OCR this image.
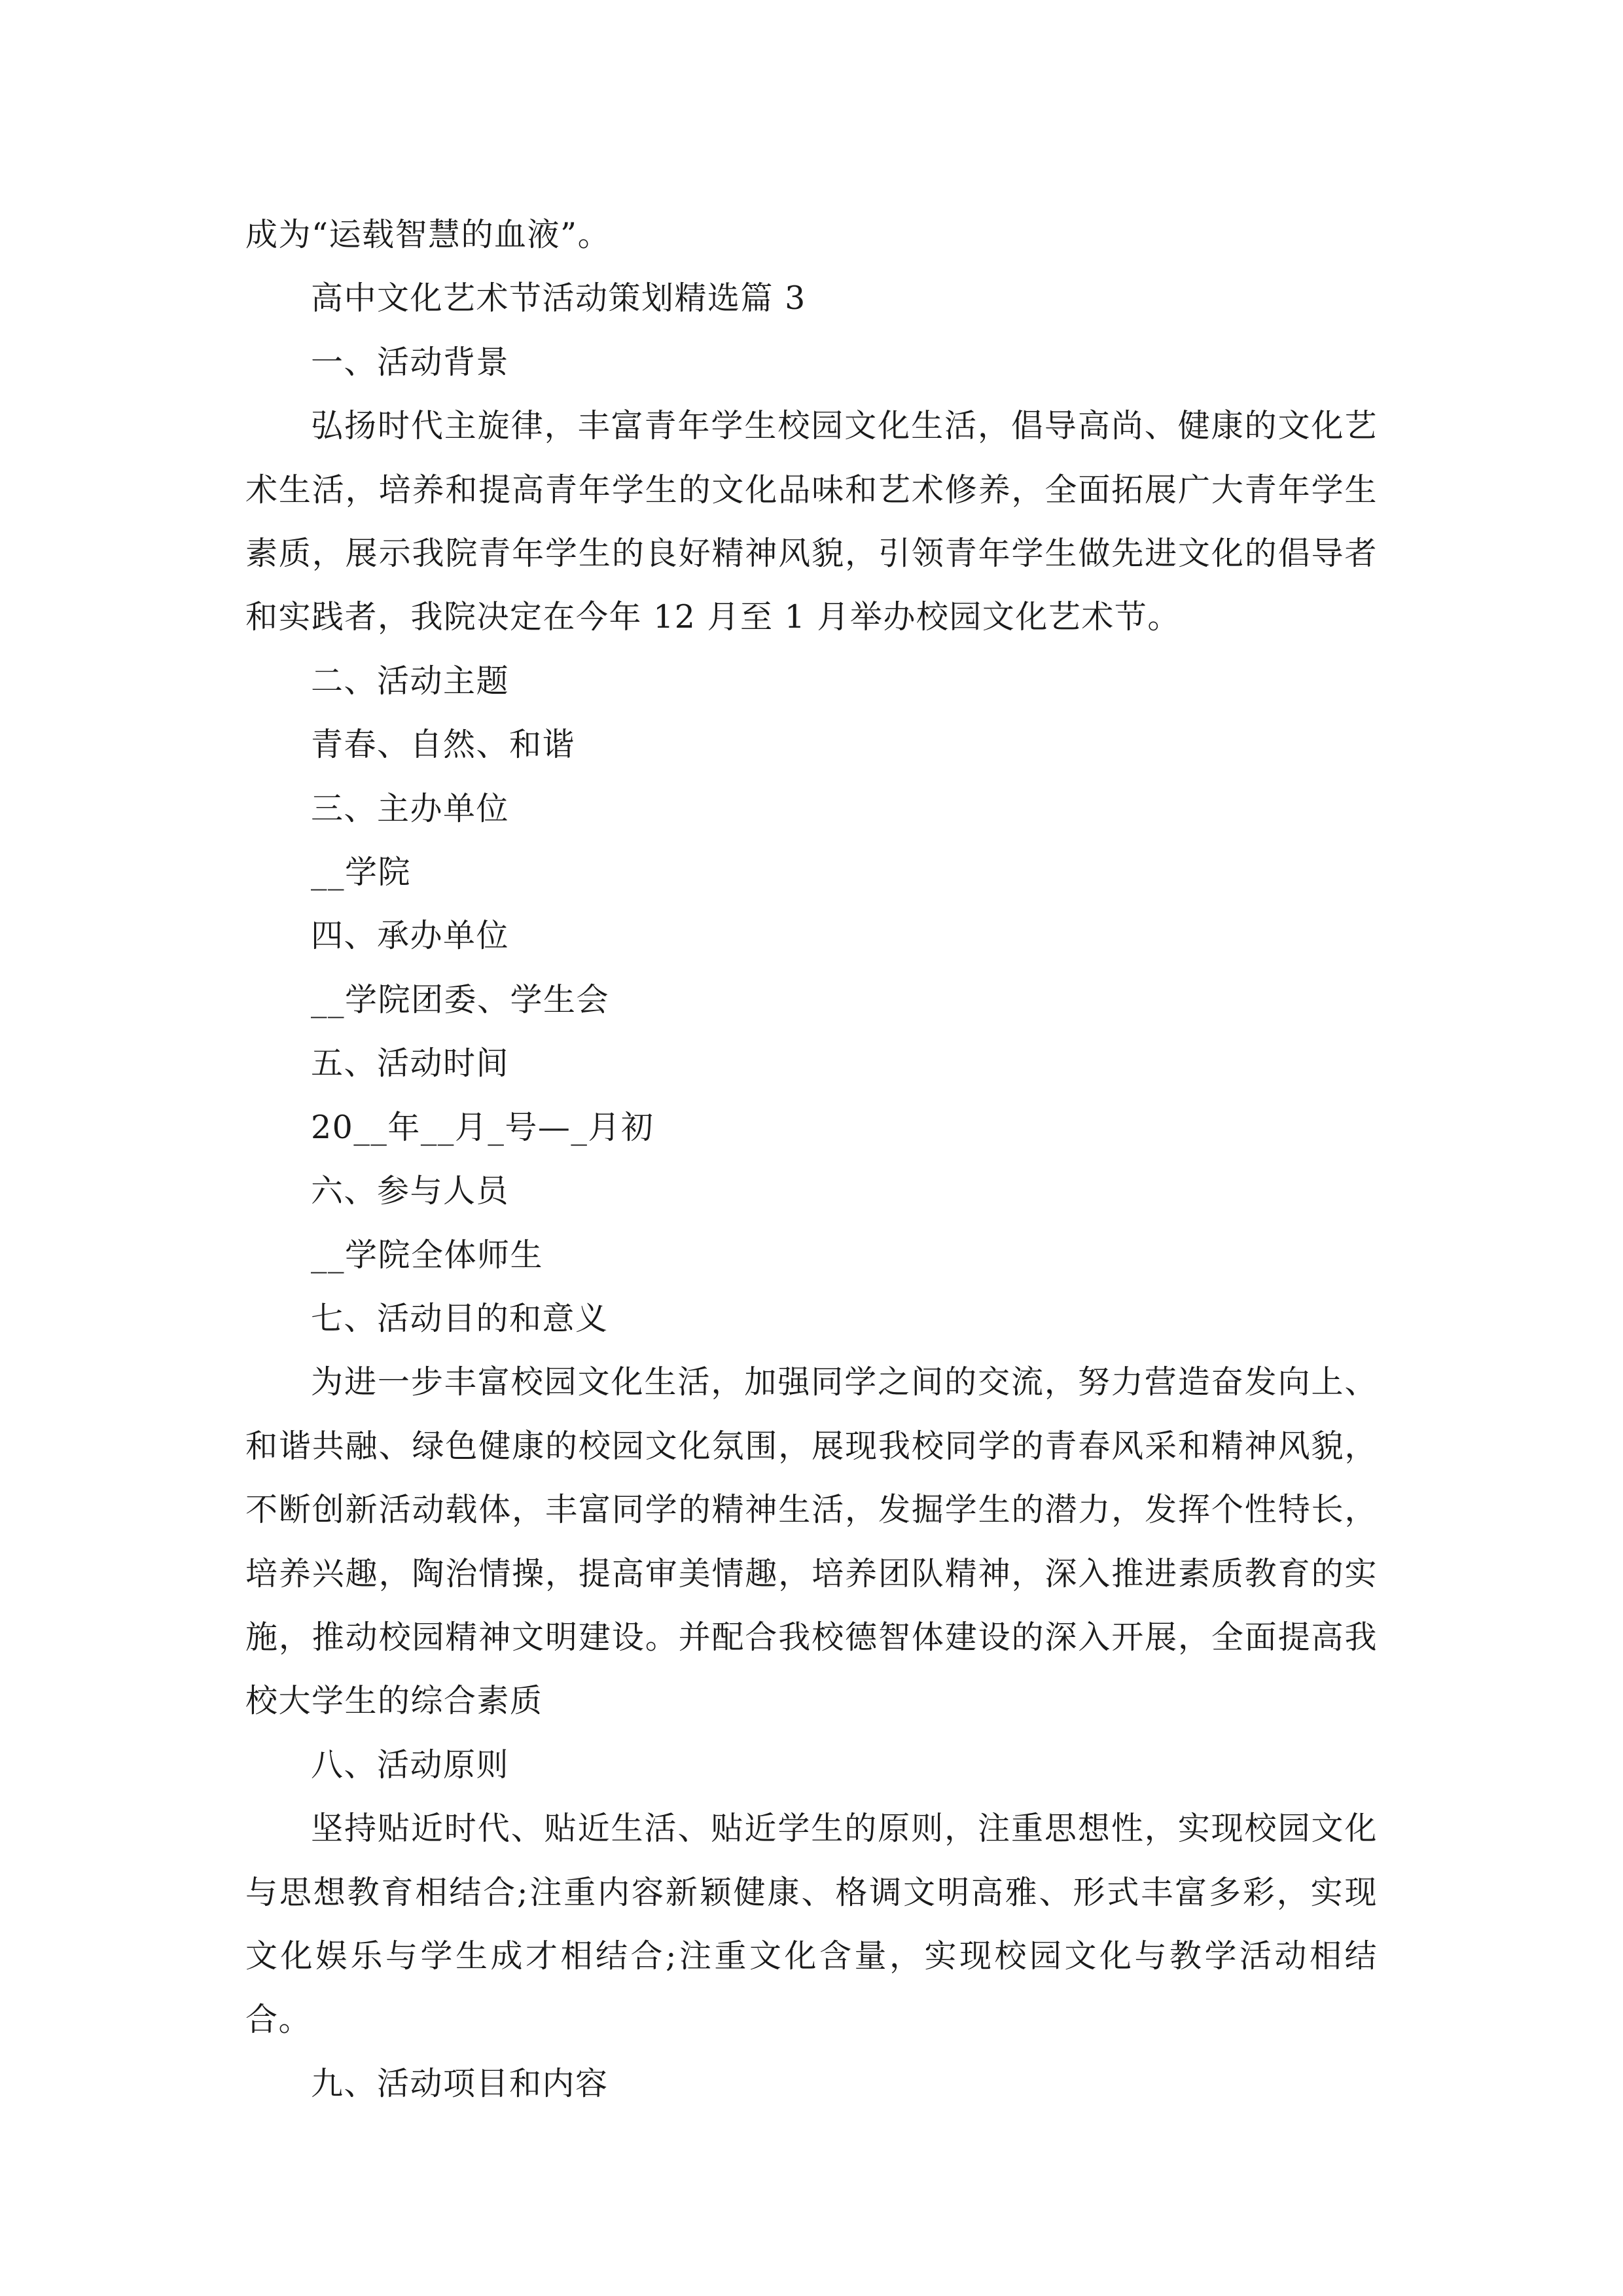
成为“运载智慧的血液”。

高中文化艺术节活动策划精选篇 3

一、活动背景

弘扬时代主旋律，丰富青年学生校园文化生活，倡导高尚、健康的文化艺术生活，培养和提高青年学生的文化品味和艺术修养，全面拓展广大青年学生素质，展示我院青年学生的良好精神风貌，引领青年学生做先进文化的倡导者和实践者，我院决定在今年 12 月至 1 月举办校园文化艺术节。

二、活动主题

青春、自然、和谐

三、主办单位

__学院

四、承办单位

__学院团委、学生会

五、活动时间

20__年__月_号—_月初

六、参与人员

__学院全体师生

七、活动目的和意义

为进一步丰富校园文化生活，加强同学之间的交流，努力营造奋发向上、和谐共融、绿色健康的校园文化氛围，展现我校同学的青春风采和精神风貌，不断创新活动载体，丰富同学的精神生活，发掘学生的潜力，发挥个性特长，培养兴趣，陶治情操，提高审美情趣，培养团队精神，深入推进素质教育的实施，推动校园精神文明建设。并配合我校德智体建设的深入开展，全面提高我校大学生的综合素质

八、活动原则

坚持贴近时代、贴近生活、贴近学生的原则，注重思想性，实现校园文化与思想教育相结合;注重内容新颖健康、格调文明高雅、形式丰富多彩，实现文化娱乐与学生成才相结合;注重文化含量，实现校园文化与教学活动相结合。

九、活动项目和内容
